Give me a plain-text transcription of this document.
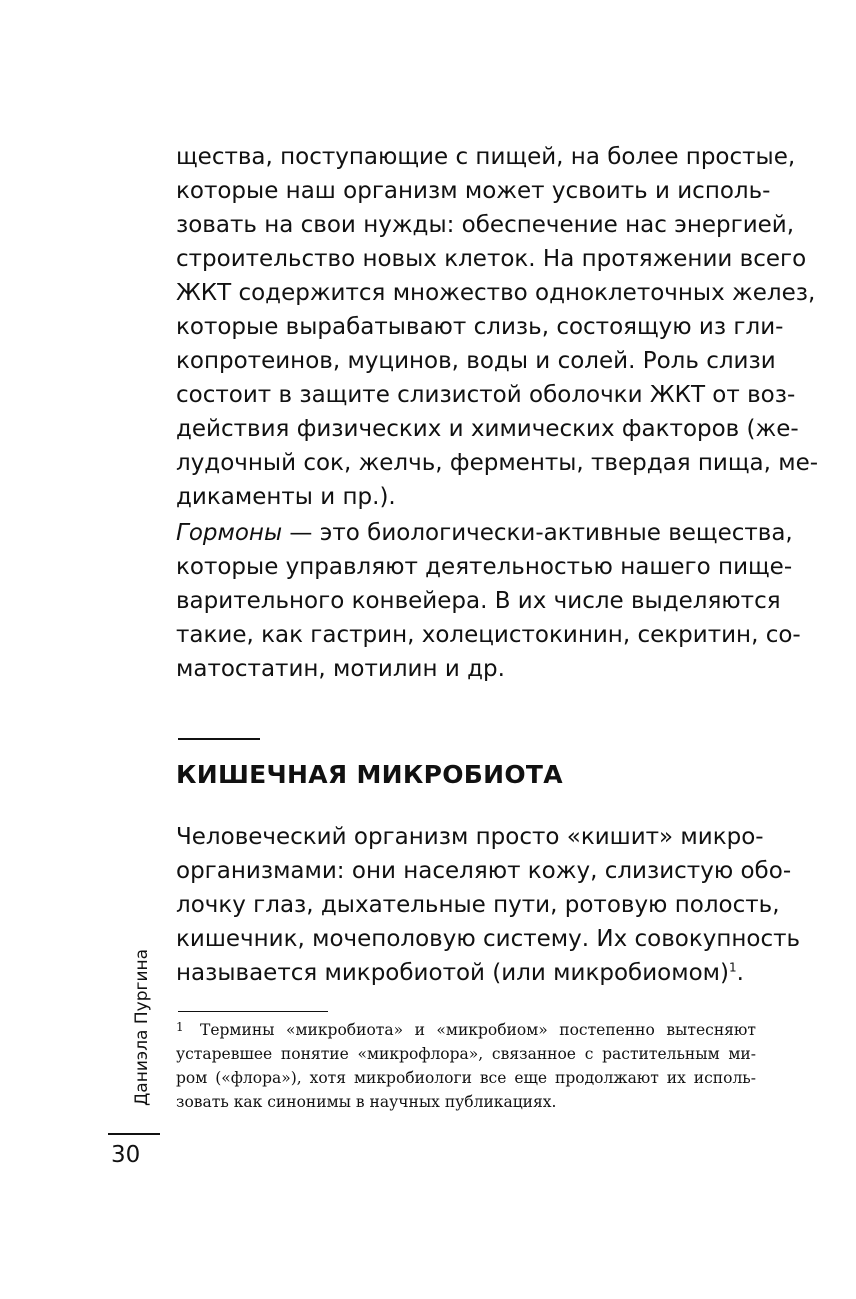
щества, поступающие с пищей, на более простые,
которые наш организм может усвоить и исполь-
зовать на свои нужды: обеспечение нас энергией,
строительство новых клеток. На протяжении всего
ЖКТ содержится множество одноклеточных желез,
которые вырабатывают слизь, состоящую из гли-
копротеинов, муцинов, воды и солей. Роль слизи
состоит в защите слизистой оболочки ЖКТ от воз-
действия физических и химических факторов (же-
лудочный сок, желчь, ферменты, твердая пища, ме-
дикаменты и пр.).
Гормоны — это биологически-активные вещества,
которые управляют деятельностью нашего пище-
варительного конвейера. В их числе выделяются
такие, как гастрин, холецистокинин, секритин, со-
матостатин, мотилин и др.
КИШЕЧНАЯ МИКРОБИОТА
Человеческий организм просто «кишит» микро-
организмами: они населяют кожу, слизистую обо-
лочку глаз, дыхательные пути, ротовую полость,
кишечник, мочеполовую систему. Их совокупность
называется микробиотой (или микробиомом)$^1$.
1 Термины «микробиота» и «микробиом» постепенно вытесняют
устаревшее понятие «микрофлора», связанное с растительным ми-
ром («флора»), хотя микробиологи все еще продолжают их исполь-
зовать как синонимы в научных публикациях.
Даниэла Пургина
30
